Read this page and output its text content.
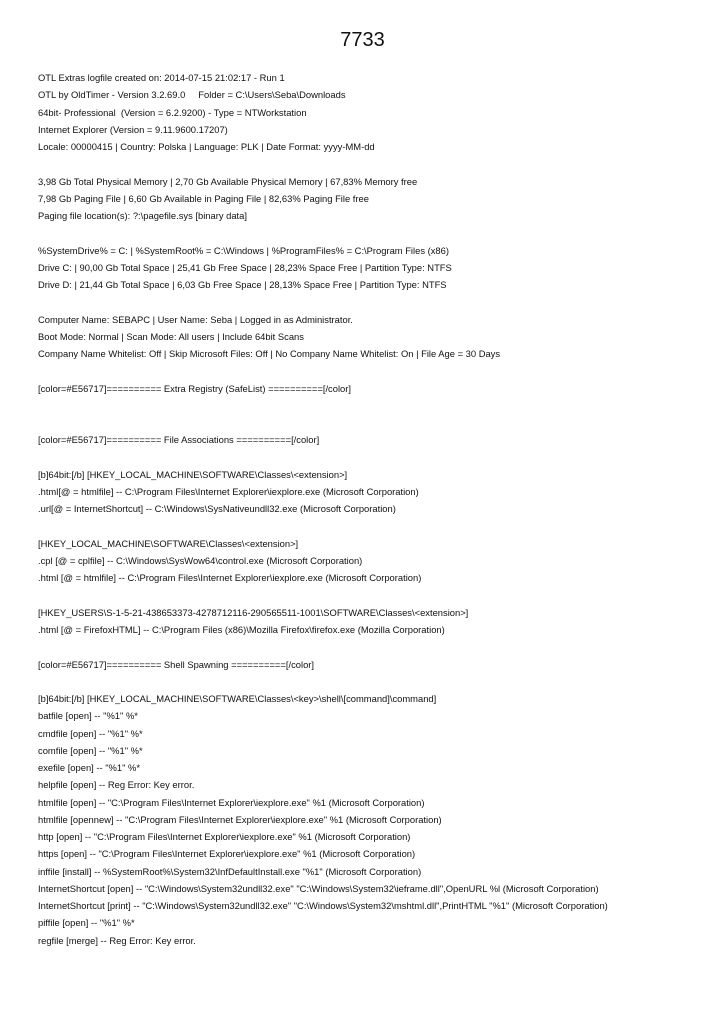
7733
OTL Extras logfile created on: 2014-07-15 21:02:17 - Run 1
OTL by OldTimer - Version 3.2.69.0     Folder = C:\Users\Seba\Downloads
64bit- Professional  (Version = 6.2.9200) - Type = NTWorkstation
Internet Explorer (Version = 9.11.9600.17207)
Locale: 00000415 | Country: Polska | Language: PLK | Date Format: yyyy-MM-dd
3,98 Gb Total Physical Memory | 2,70 Gb Available Physical Memory | 67,83% Memory free
7,98 Gb Paging File | 6,60 Gb Available in Paging File | 82,63% Paging File free
Paging file location(s): ?:\pagefile.sys [binary data]
%SystemDrive% = C: | %SystemRoot% = C:\Windows | %ProgramFiles% = C:\Program Files (x86)
Drive C: | 90,00 Gb Total Space | 25,41 Gb Free Space | 28,23% Space Free | Partition Type: NTFS
Drive D: | 21,44 Gb Total Space | 6,03 Gb Free Space | 28,13% Space Free | Partition Type: NTFS
Computer Name: SEBAPC | User Name: Seba | Logged in as Administrator.
Boot Mode: Normal | Scan Mode: All users | Include 64bit Scans
Company Name Whitelist: Off | Skip Microsoft Files: Off | No Company Name Whitelist: On | File Age = 30 Days
[color=#E56717]========== Extra Registry (SafeList) ==========[/color]
[color=#E56717]========== File Associations ==========[/color]
[b]64bit:[/b] [HKEY_LOCAL_MACHINE\SOFTWARE\Classes\<extension>]
.html[@ = htmlfile] -- C:\Program Files\Internet Explorer\iexplore.exe (Microsoft Corporation)
.url[@ = InternetShortcut] -- C:\Windows\SysNativeundll32.exe (Microsoft Corporation)
[HKEY_LOCAL_MACHINE\SOFTWARE\Classes\<extension>]
.cpl [@ = cplfile] -- C:\Windows\SysWow64\control.exe (Microsoft Corporation)
.html [@ = htmlfile] -- C:\Program Files\Internet Explorer\iexplore.exe (Microsoft Corporation)
[HKEY_USERS\S-1-5-21-438653373-4278712116-290565511-1001\SOFTWARE\Classes\<extension>]
.html [@ = FirefoxHTML] -- C:\Program Files (x86)\Mozilla Firefox\firefox.exe (Mozilla Corporation)
[color=#E56717]========== Shell Spawning ==========[/color]
[b]64bit:[/b] [HKEY_LOCAL_MACHINE\SOFTWARE\Classes\<key>\shell\[command]\command]
batfile [open] -- "%1" %*
cmdfile [open] -- "%1" %*
comfile [open] -- "%1" %*
exefile [open] -- "%1" %*
helpfile [open] -- Reg Error: Key error.
htmlfile [open] -- "C:\Program Files\Internet Explorer\iexplore.exe" %1 (Microsoft Corporation)
htmlfile [opennew] -- "C:\Program Files\Internet Explorer\iexplore.exe" %1 (Microsoft Corporation)
http [open] -- "C:\Program Files\Internet Explorer\iexplore.exe" %1 (Microsoft Corporation)
https [open] -- "C:\Program Files\Internet Explorer\iexplore.exe" %1 (Microsoft Corporation)
inffile [install] -- %SystemRoot%\System32\InfDefaultInstall.exe "%1" (Microsoft Corporation)
InternetShortcut [open] -- "C:\Windows\System32undll32.exe" "C:\Windows\System32\ieframe.dll",OpenURL %l (Microsoft Corporation)
InternetShortcut [print] -- "C:\Windows\System32undll32.exe" "C:\Windows\System32\mshtml.dll",PrintHTML "%1" (Microsoft Corporation)
piffile [open] -- "%1" %*
regfile [merge] -- Reg Error: Key error.
